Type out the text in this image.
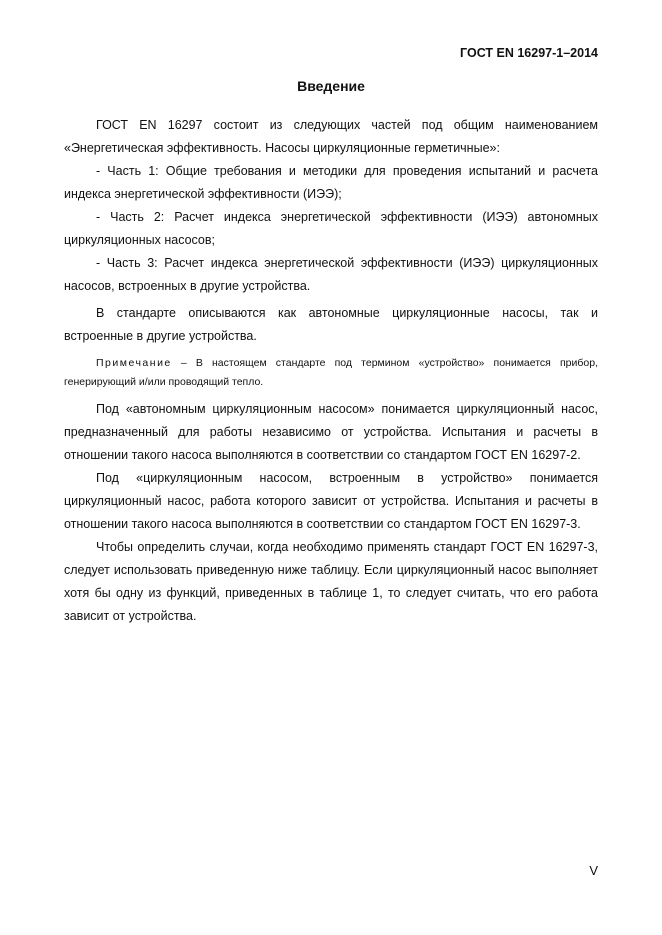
ГОСТ EN 16297-1–2014
Введение

ГОСТ EN 16297 состоит из следующих частей под общим наименованием «Энергетическая эффективность. Насосы циркуляционные герметичные»:

- Часть 1: Общие требования и методики для проведения испытаний и расчета индекса энергетической эффективности (ИЭЭ);

- Часть 2: Расчет индекса энергетической эффективности (ИЭЭ) автономных циркуляционных насосов;

- Часть 3: Расчет индекса энергетической эффективности (ИЭЭ) циркуляционных насосов, встроенных в другие устройства.

В стандарте описываются как автономные циркуляционные насосы, так и встроенные в другие устройства.

Примечание – В настоящем стандарте под термином «устройство» понимается прибор, генерирующий и/или проводящий тепло.

Под «автономным циркуляционным насосом» понимается циркуляционный насос, предназначенный для работы независимо от устройства. Испытания и расчеты в отношении такого насоса выполняются в соответствии со стандартом ГОСТ EN 16297-2.

Под «циркуляционным насосом, встроенным в устройство» понимается циркуляционный насос, работа которого зависит от устройства. Испытания и расчеты в отношении такого насоса выполняются в соответствии со стандартом ГОСТ EN 16297-3.

Чтобы определить случаи, когда необходимо применять стандарт ГОСТ EN 16297-3, следует использовать приведенную ниже таблицу. Если циркуляционный насос выполняет хотя бы одну из функций, приведенных в таблице 1, то следует считать, что его работа зависит от устройства.

V
